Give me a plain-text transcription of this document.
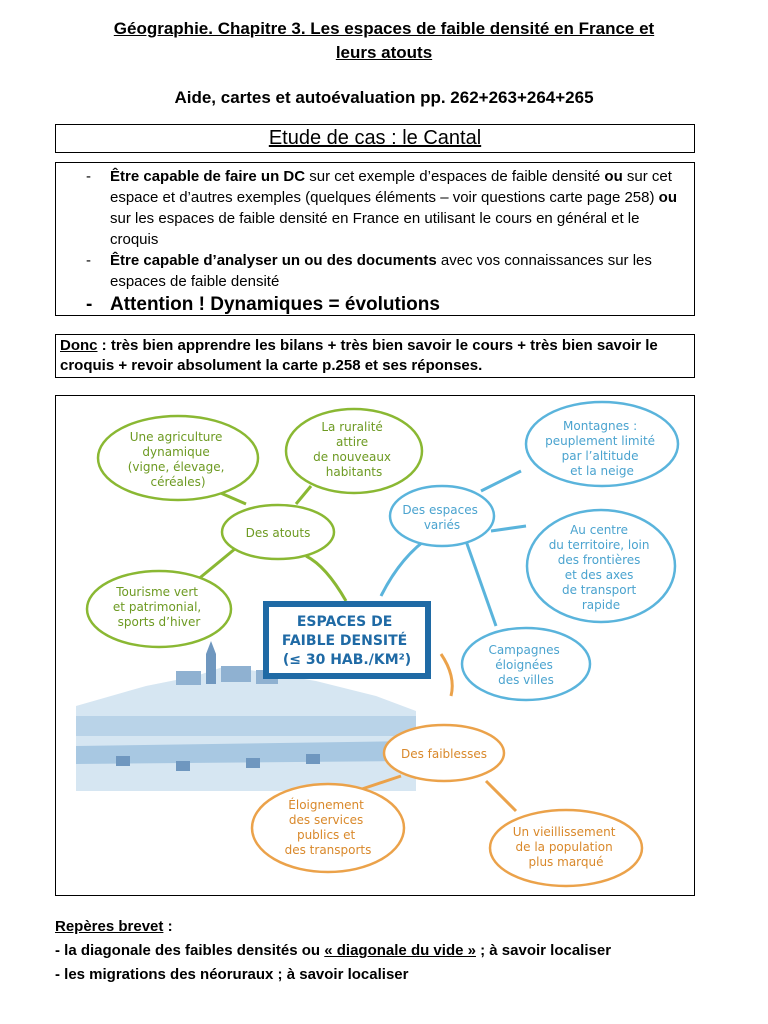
Géographie. Chapitre 3. Les espaces de faible densité en France et
leurs atouts
Aide, cartes et autoévaluation pp. 262+263+264+265
Etude de cas : le Cantal
- Être capable de faire un DC sur cet exemple d’espaces de faible densité ou sur cet espace et d’autres exemples (quelques éléments – voir questions carte page 258) ou sur les espaces de faible densité en France en utilisant le cours en général et le croquis
- Être capable d’analyser un ou des documents avec vos connaissances sur les espaces de faible densité
- Attention ! Dynamiques = évolutions
Donc : très bien apprendre les bilans + très bien savoir le cours + très bien savoir le croquis + revoir absolument la carte p.258 et ses réponses.
Une agriculture dynamique (vigne, élevage, céréales)
La ruralité attire de nouveaux habitants
Des atouts
Tourisme vert et patrimonial, sports d’hiver	ESPACES DE FAIBLE DENSITÉ (≤ 30 HAB./KM²)
Montagnes : peuplement limité par l’altitude et la neige
Des espaces variés	Au centre du territoire, loin des frontières et des axes de transport rapide
Campagnes éloignées des villes
Des faiblesses
Éloignement des services publics et des transports
Un vieillissement de la population plus marqué
Repères brevet :
- la diagonale des faibles densités ou « diagonale du vide » ; à savoir localiser
- les migrations des néoruraux ; à savoir localiser
